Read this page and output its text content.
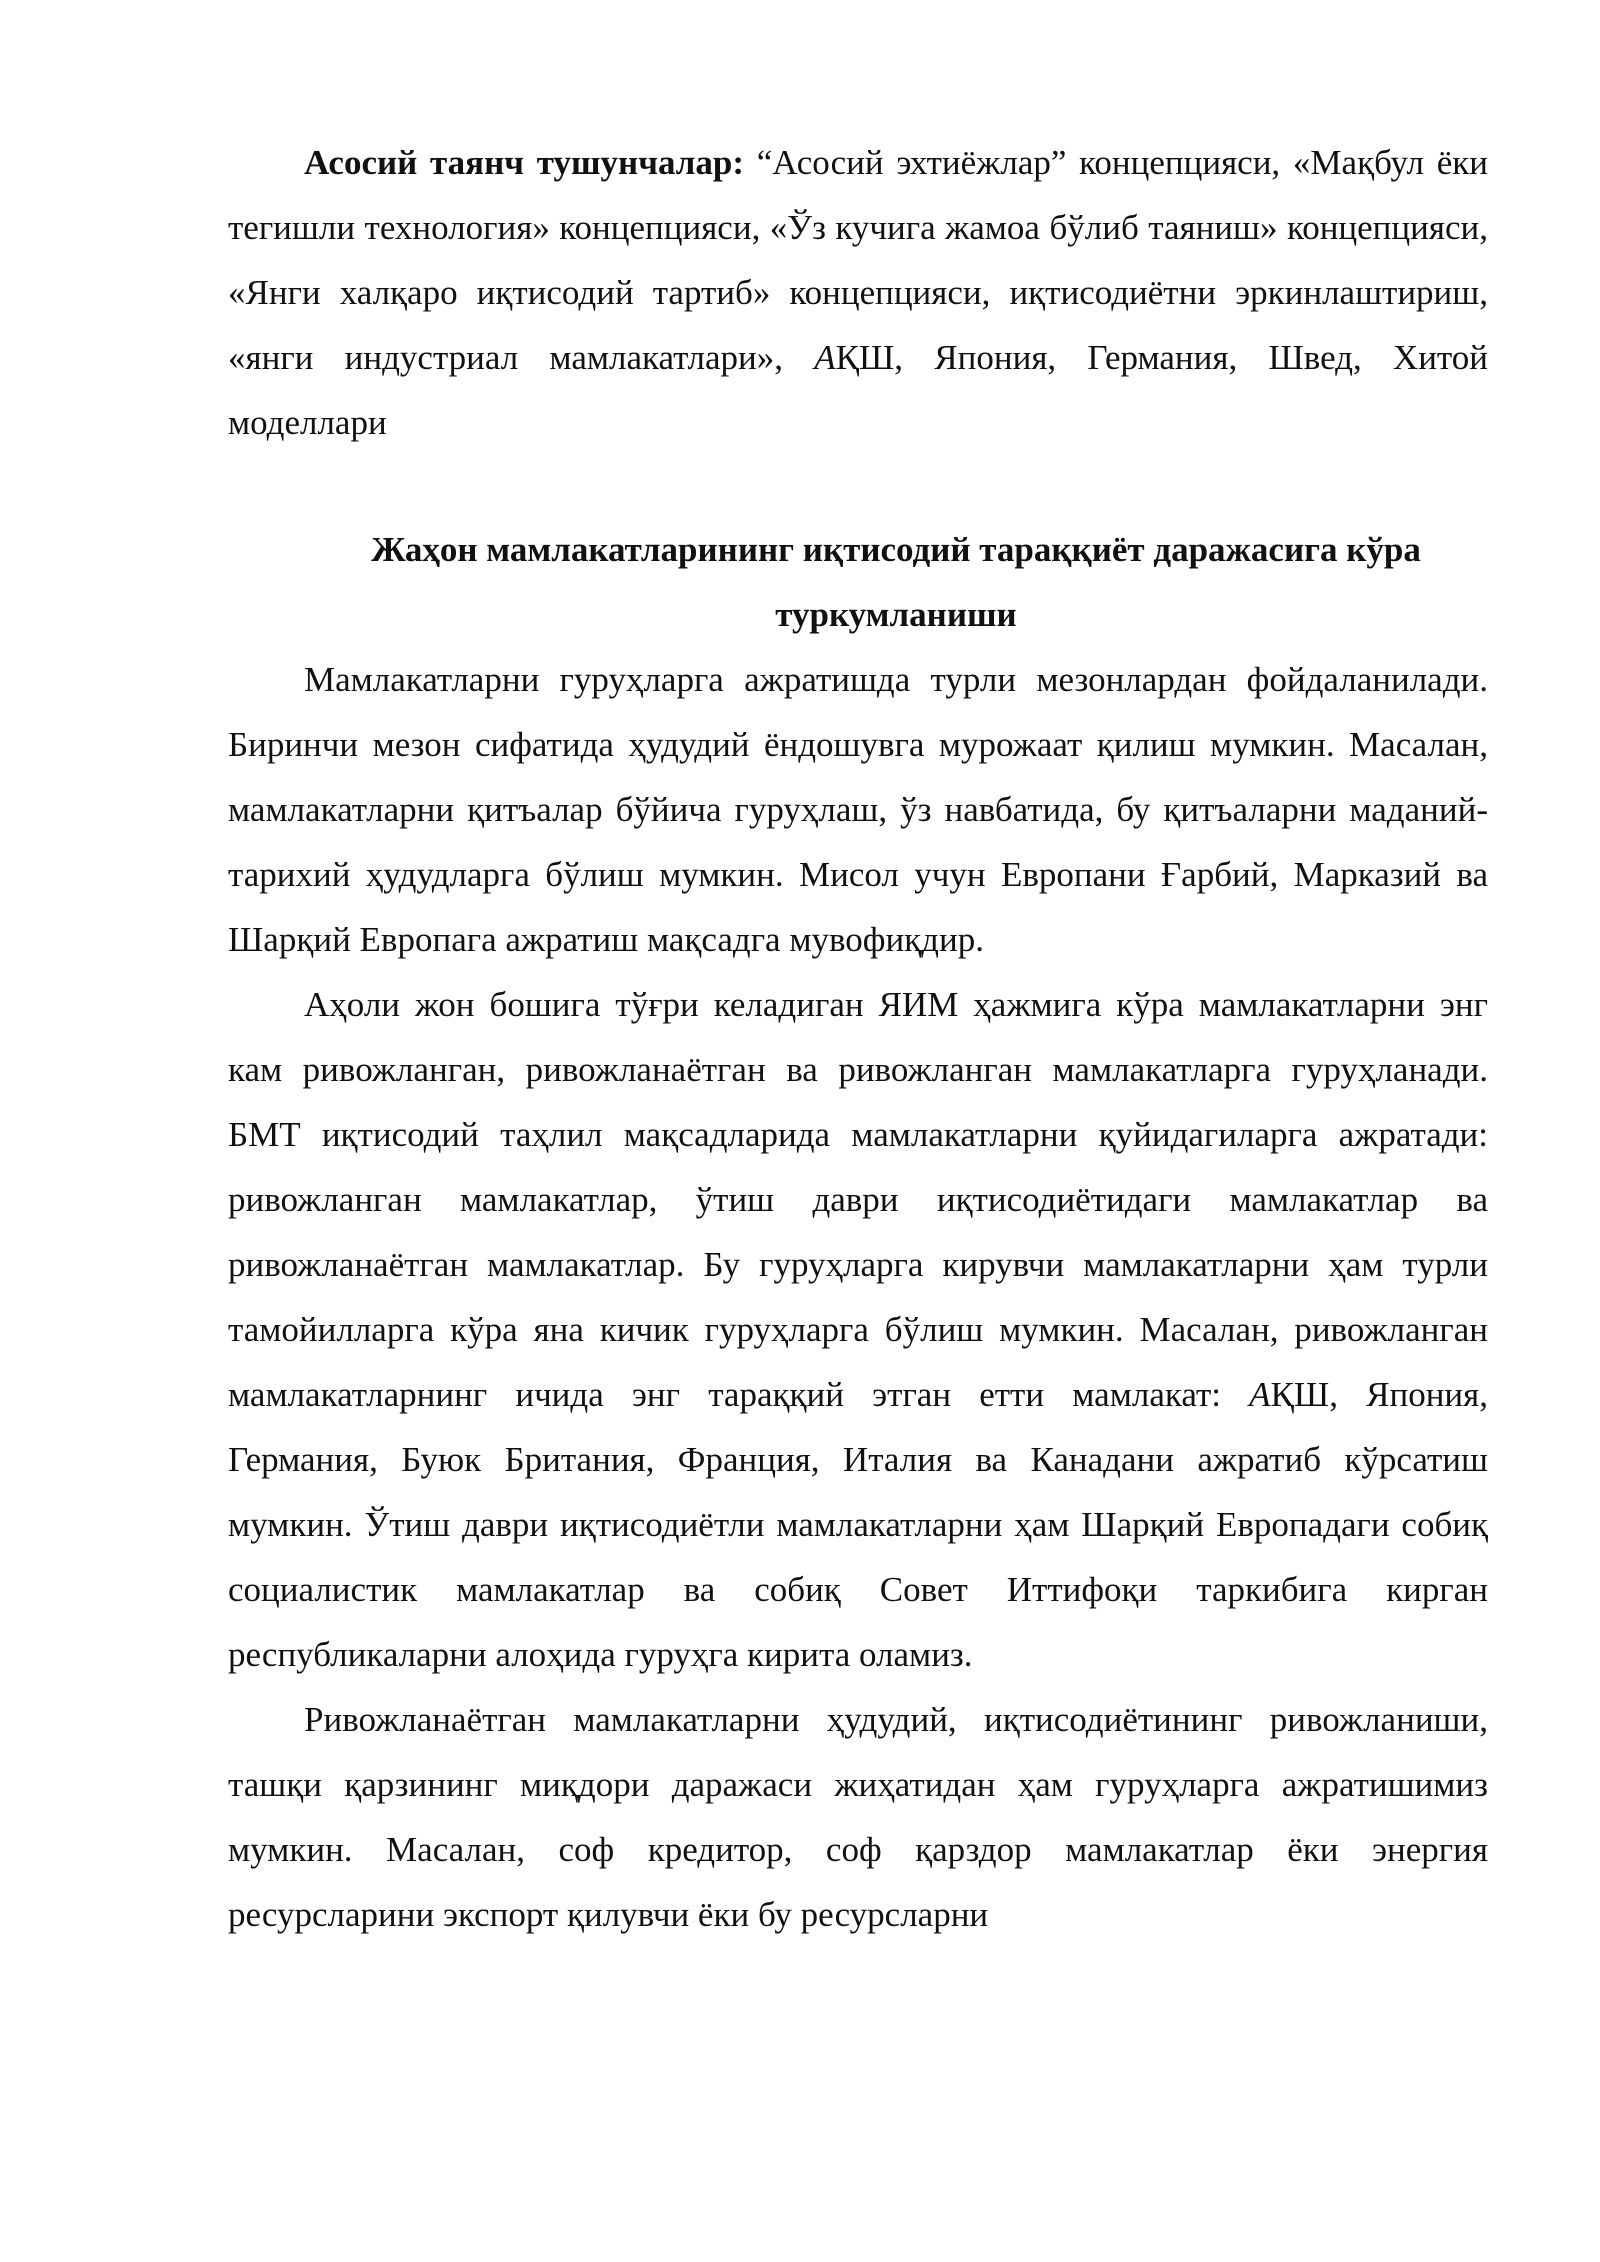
Асосий таянч тушунчалар: “Асосий эхтиёжлар” концепцияси, «Мақбул ёки тегишли технология» концепцияси, «Ўз кучига жамоа бўлиб таяниш» концепцияси, «Янги халқаро иқтисодий тартиб» концепцияси, иқтисодиётни эркинлаштириш, «янги индустриал мамлакатлари», АҚШ, Япония, Германия, Швед, Хитой моделлари

Жаҳон мамлакатларининг иқтисодий тараққиёт даражасига кўра
туркумланиши

Мамлакатларни гуруҳларга ажратишда турли мезонлардан фойдаланилади. Биринчи мезон сифатида ҳудудий ёндошувга мурожаат қилиш мумкин. Масалан, мамлакатларни қитъалар бўйича гуруҳлаш, ўз навбатида, бу қитъаларни маданий-тарихий ҳудудларга бўлиш мумкин. Мисол учун Европани Ғарбий, Марказий ва Шарқий Европага ажратиш мақсадга мувофиқдир.

Аҳоли жон бошига тўғри келадиган ЯИМ ҳажмига кўра мамлакатларни энг кам ривожланган, ривожланаётган ва ривожланган мамлакатларга гуруҳланади. БМТ иқтисодий таҳлил мақсадларида мамлакатларни қуйидагиларга ажратади: ривожланган мамлакатлар, ўтиш даври иқтисодиётидаги мамлакатлар ва ривожланаётган мамлакатлар. Бу гуруҳларга кирувчи мамлакатларни ҳам турли тамойилларга кўра яна кичик гуруҳларга бўлиш мумкин. Масалан, ривожланган мамлакатларнинг ичида энг тараққий этган етти мамлакат: АҚШ, Япония, Германия, Буюк Британия, Франция, Италия ва Канадани ажратиб кўрсатиш мумкин. Ўтиш даври иқтисодиётли мамлакатларни ҳам Шарқий Европадаги собиқ социалистик мамлакатлар ва собиқ Совет Иттифоқи таркибига кирган республикаларни алоҳида гуруҳга кирита оламиз.

Ривожланаётган мамлакатларни ҳудудий, иқтисодиётининг ривожланиши, ташқи қарзининг миқдори даражаси жиҳатидан ҳам гуруҳларга ажратишимиз мумкин. Масалан, соф кредитор, соф қарздор мамлакатлар ёки энергия ресурсларини экспорт қилувчи ёки бу ресурсларни
